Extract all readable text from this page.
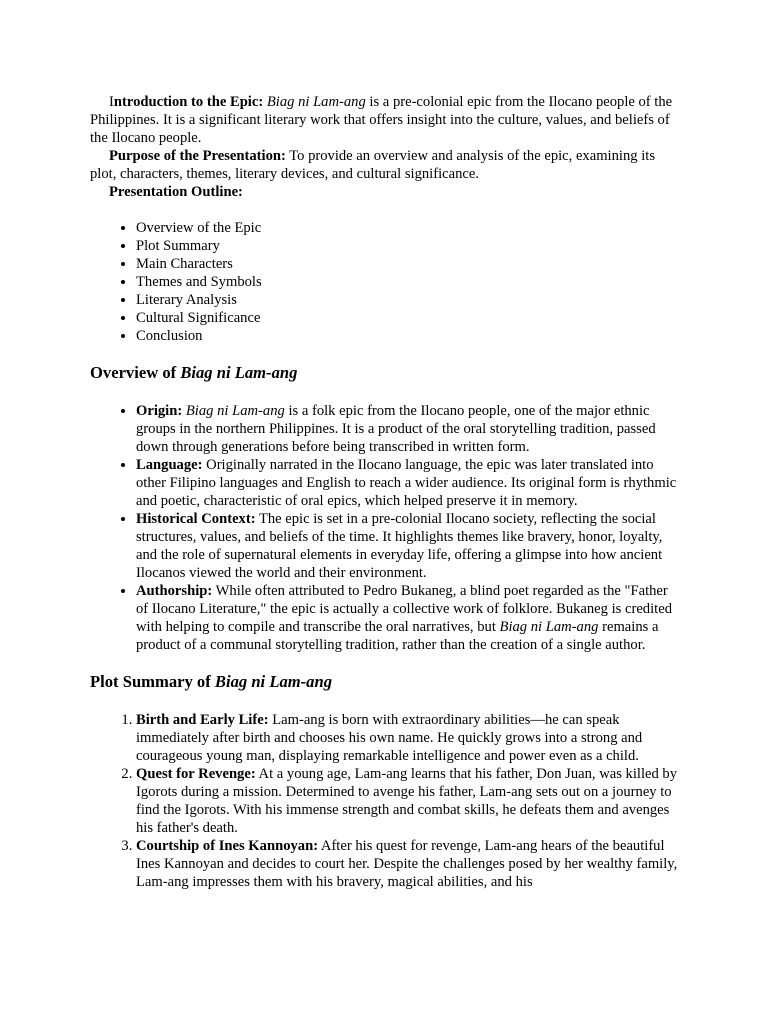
Introduction to the Epic: Biag ni Lam-ang is a pre-colonial epic from the Ilocano people of the Philippines. It is a significant literary work that offers insight into the culture, values, and beliefs of the Ilocano people.

Purpose of the Presentation: To provide an overview and analysis of the epic, examining its plot, characters, themes, literary devices, and cultural significance.

Presentation Outline:

• Overview of the Epic
• Plot Summary
• Main Characters
• Themes and Symbols
• Literary Analysis
• Cultural Significance
• Conclusion
Overview of Biag ni Lam-ang
• Origin: Biag ni Lam-ang is a folk epic from the Ilocano people, one of the major ethnic groups in the northern Philippines. It is a product of the oral storytelling tradition, passed down through generations before being transcribed in written form.
• Language: Originally narrated in the Ilocano language, the epic was later translated into other Filipino languages and English to reach a wider audience. Its original form is rhythmic and poetic, characteristic of oral epics, which helped preserve it in memory.
• Historical Context: The epic is set in a pre-colonial Ilocano society, reflecting the social structures, values, and beliefs of the time. It highlights themes like bravery, honor, loyalty, and the role of supernatural elements in everyday life, offering a glimpse into how ancient Ilocanos viewed the world and their environment.
• Authorship: While often attributed to Pedro Bukaneg, a blind poet regarded as the "Father of Ilocano Literature," the epic is actually a collective work of folklore. Bukaneg is credited with helping to compile and transcribe the oral narratives, but Biag ni Lam-ang remains a product of a communal storytelling tradition, rather than the creation of a single author.
Plot Summary of Biag ni Lam-ang
1. Birth and Early Life: Lam-ang is born with extraordinary abilities—he can speak immediately after birth and chooses his own name. He quickly grows into a strong and courageous young man, displaying remarkable intelligence and power even as a child.
2. Quest for Revenge: At a young age, Lam-ang learns that his father, Don Juan, was killed by Igorots during a mission. Determined to avenge his father, Lam-ang sets out on a journey to find the Igorots. With his immense strength and combat skills, he defeats them and avenges his father's death.
3. Courtship of Ines Kannoyan: After his quest for revenge, Lam-ang hears of the beautiful Ines Kannoyan and decides to court her. Despite the challenges posed by her wealthy family, Lam-ang impresses them with his bravery, magical abilities, and his
